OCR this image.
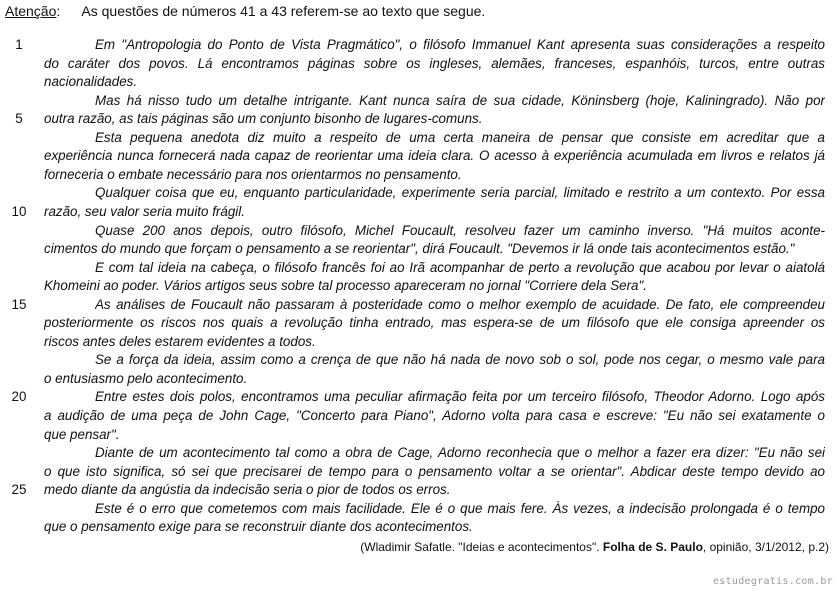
Atenção: As questões de números 41 a 43 referem-se ao texto que segue.
1	Em "Antropologia do Ponto de Vista Pragmático", o filósofo Immanuel Kant apresenta suas considerações a respeito
do caráter dos povos. Lá encontramos páginas sobre os ingleses, alemães, franceses, espanhóis, turcos, entre outras
nacionalidades.
Mas há nisso tudo um detalhe intrigante. Kant nunca saíra de sua cidade, Köninsberg (hoje, Kaliningrado). Não por
5	outra razão, as tais páginas são um conjunto bisonho de lugares-comuns.
Esta pequena anedota diz muito a respeito de uma certa maneira de pensar que consiste em acreditar que a
experiência nunca fornecerá nada capaz de reorientar uma ideia clara. O acesso à experiência acumulada em livros e relatos já
forneceria o embate necessário para nos orientarmos no pensamento.
Qualquer coisa que eu, enquanto particularidade, experimente seria parcial, limitado e restrito a um contexto. Por essa
10	razão, seu valor seria muito frágil.
Quase 200 anos depois, outro filósofo, Michel Foucault, resolveu fazer um caminho inverso. "Há muitos aconte-
cimentos do mundo que forçam o pensamento a se reorientar", dirá Foucault. "Devemos ir lá onde tais acontecimentos estão."
E com tal ideia na cabeça, o filósofo francês foi ao Irã acompanhar de perto a revolução que acabou por levar o aiatolá
Khomeini ao poder. Vários artigos seus sobre tal processo apareceram no jornal "Corriere dela Sera".
15	As análises de Foucault não passaram à posteridade como o melhor exemplo de acuidade. De fato, ele compreendeu
posteriormente os riscos nos quais a revolução tinha entrado, mas espera-se de um filósofo que ele consiga apreender os
riscos antes deles estarem evidentes a todos.
Se a força da ideia, assim como a crença de que não há nada de novo sob o sol, pode nos cegar, o mesmo vale para
o entusiasmo pelo acontecimento.
20	Entre estes dois polos, encontramos uma peculiar afirmação feita por um terceiro filósofo, Theodor Adorno. Logo após
a audição de uma peça de John Cage, "Concerto para Piano", Adorno volta para casa e escreve: "Eu não sei exatamente o
que pensar".
Diante de um acontecimento tal como a obra de Cage, Adorno reconhecia que o melhor a fazer era dizer: "Eu não sei
o que isto significa, só sei que precisarei de tempo para o pensamento voltar a se orientar". Abdicar deste tempo devido ao
25	medo diante da angústia da indecisão seria o pior de todos os erros.
Este é o erro que cometemos com mais facilidade. Ele é o que mais fere. Às vezes, a indecisão prolongada é o tempo
que o pensamento exige para se reconstruir diante dos acontecimentos.
(Wladimir Safatle. "Ideias e acontecimentos". Folha de S. Paulo, opinião, 3/1/2012, p.2)
estudegratis.com.br
